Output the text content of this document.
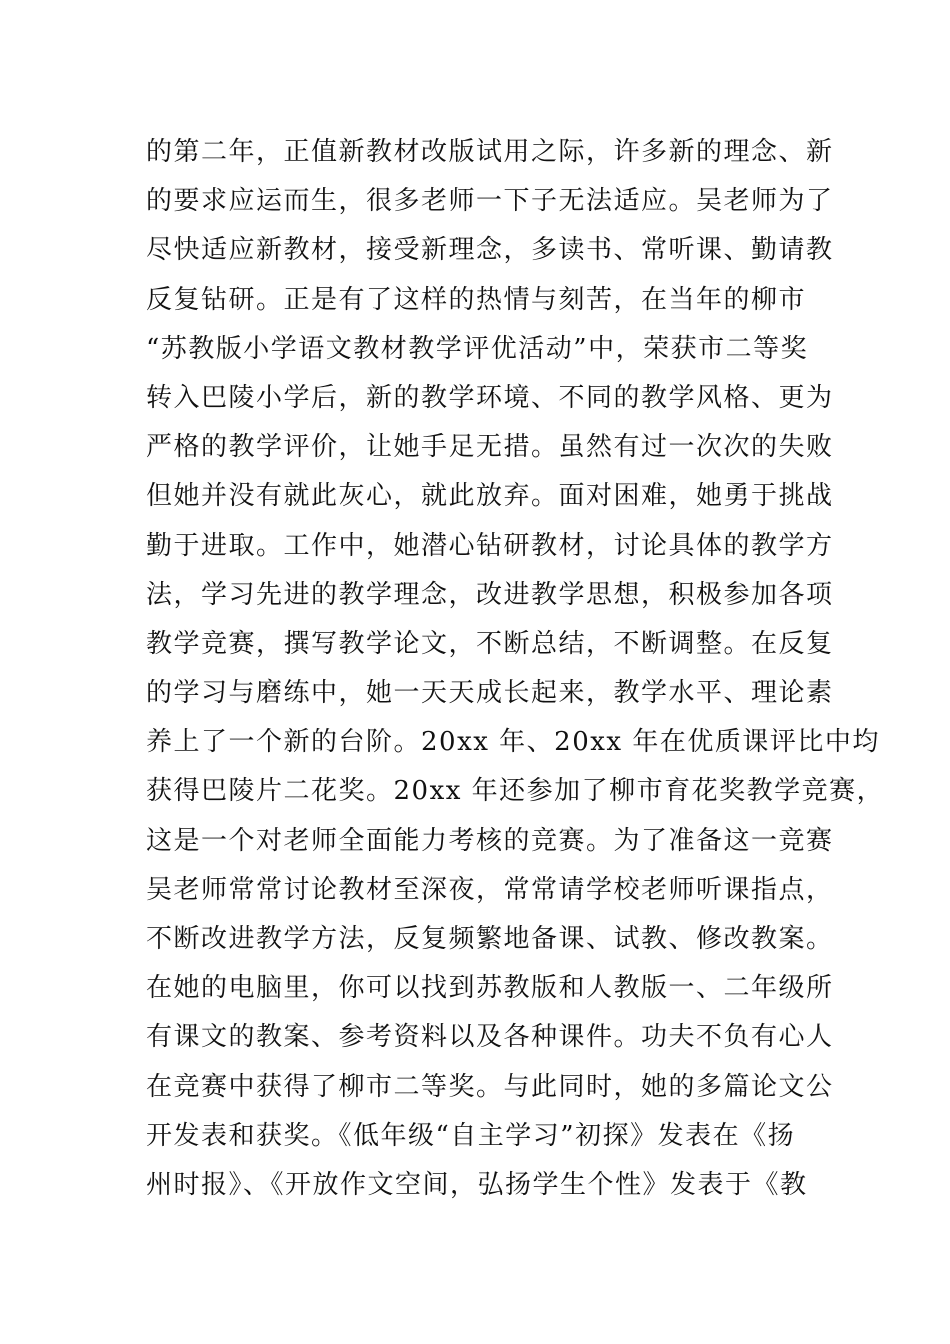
的第二年，正值新教材改版试用之际，许多新的理念、新
的要求应运而生，很多老师一下子无法适应。吴老师为了
尽快适应新教材，接受新理念，多读书、常听课、勤请教
反复钻研。正是有了这样的热情与刻苦，在当年的柳市
“苏教版小学语文教材教学评优活动”中，荣获市二等奖
转入巴陵小学后，新的教学环境、不同的教学风格、更为
严格的教学评价，让她手足无措。虽然有过一次次的失败
但她并没有就此灰心，就此放弃。面对困难，她勇于挑战
勤于进取。工作中，她潜心钻研教材，讨论具体的教学方
法，学习先进的教学理念，改进教学思想，积极参加各项
教学竞赛，撰写教学论文，不断总结，不断调整。在反复
的学习与磨练中，她一天天成长起来，教学水平、理论素
养上了一个新的台阶。20xx 年、20xx 年在优质课评比中均
获得巴陵片二花奖。20xx 年还参加了柳市育花奖教学竞赛，
这是一个对老师全面能力考核的竞赛。为了准备这一竞赛
吴老师常常讨论教材至深夜，常常请学校老师听课指点，
不断改进教学方法，反复频繁地备课、试教、修改教案。
在她的电脑里，你可以找到苏教版和人教版一、二年级所
有课文的教案、参考资料以及各种课件。功夫不负有心人
在竞赛中获得了柳市二等奖。与此同时，她的多篇论文公
开发表和获奖。《低年级“自主学习”初探》发表在《扬
州时报》、《开放作文空间，弘扬学生个性》发表于《教
